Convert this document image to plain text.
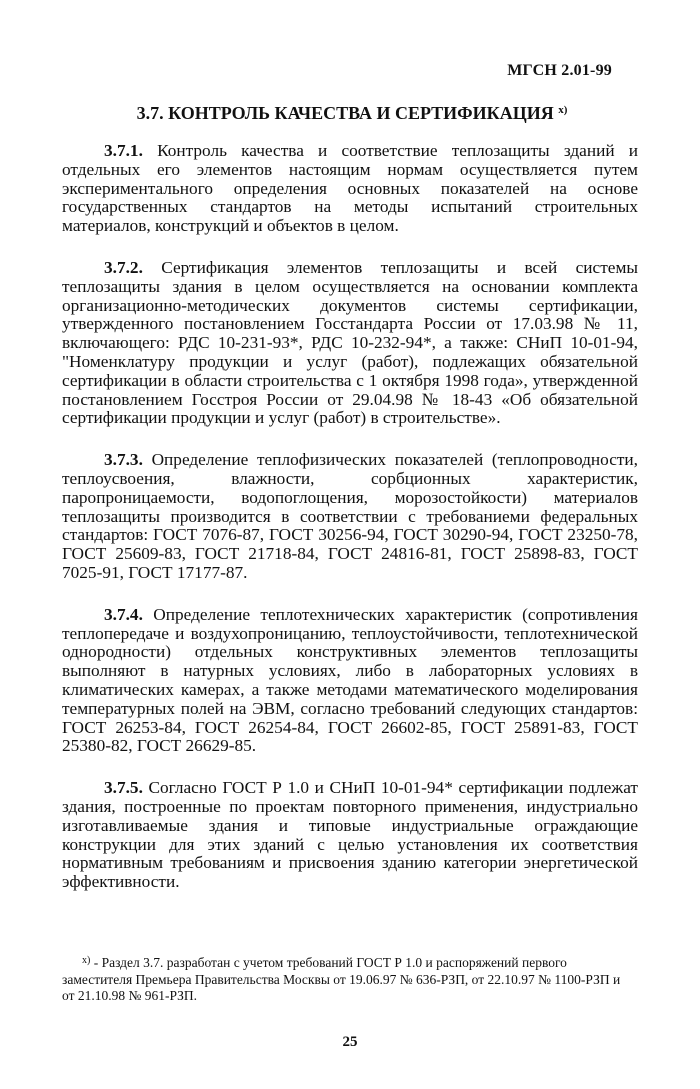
МГСН 2.01-99
3.7. КОНТРОЛЬ КАЧЕСТВА И СЕРТИФИКАЦИЯ $^{х)}$

3.7.1. Контроль качества и соответствие теплозащиты зданий и отдельных его элементов настоящим нормам осуществляется путем экспериментального определения основных показателей на основе государственных стандартов на методы испытаний строительных материалов, конструкций и объектов в целом.

3.7.2. Сертификация элементов теплозащиты и всей системы теплозащиты здания в целом осуществляется на основании комплекта организационно-методических документов системы сертификации, утвержденного постановлением Госстандарта России от 17.03.98 № 11, включающего: РДС 10-231-93*, РДС 10-232-94*, а также: СНиП 10-01-94, "Номенклатуру продукции и услуг (работ), подлежащих обязательной сертификации в области строительства с 1 октября 1998 года», утвержденной постановлением Госстроя России от 29.04.98 № 18-43 «Об обязательной сертификации продукции и услуг (работ) в строительстве».

3.7.3. Определение теплофизических показателей (теплопроводности, теплоусвоения, влажности, сорбционных характеристик, паропроницаемости, водопоглощения, морозостойкости) материалов теплозащиты производится в соответствии с требованиеми федеральных стандартов: ГОСТ 7076-87, ГОСТ 30256-94, ГОСТ 30290-94, ГОСТ 23250-78, ГОСТ 25609-83, ГОСТ 21718-84, ГОСТ 24816-81, ГОСТ 25898-83, ГОСТ 7025-91, ГОСТ 17177-87.

3.7.4. Определение теплотехнических характеристик (сопротивления теплопередаче и воздухопроницанию, теплоустойчивости, теплотехнической однородности) отдельных конструктивных элементов теплозащиты выполняют в натурных условиях, либо в лабораторных условиях в климатических камерах, а также методами математического моделирования температурных полей на ЭВМ, согласно требований следующих стандартов: ГОСТ 26253-84, ГОСТ 26254-84, ГОСТ 26602-85, ГОСТ 25891-83, ГОСТ 25380-82, ГОСТ 26629-85.

3.7.5. Согласно ГОСТ Р 1.0 и СНиП 10-01-94* сертификации подлежат здания, построенные по проектам повторного применения, индустриально изготавливаемые здания и типовые индустриальные ограждающие конструкции для этих зданий с целью установления их соответствия нормативным требованиям и присвоения зданию категории энергетической эффективности.

$^{х)}$ - Раздел 3.7. разработан с учетом требований ГОСТ Р 1.0 и распоряжений первого заместителя Премьера Правительства Москвы от 19.06.97 № 636-РЗП, от 22.10.97 № 1100-РЗП и от 21.10.98 № 961-РЗП.
25
